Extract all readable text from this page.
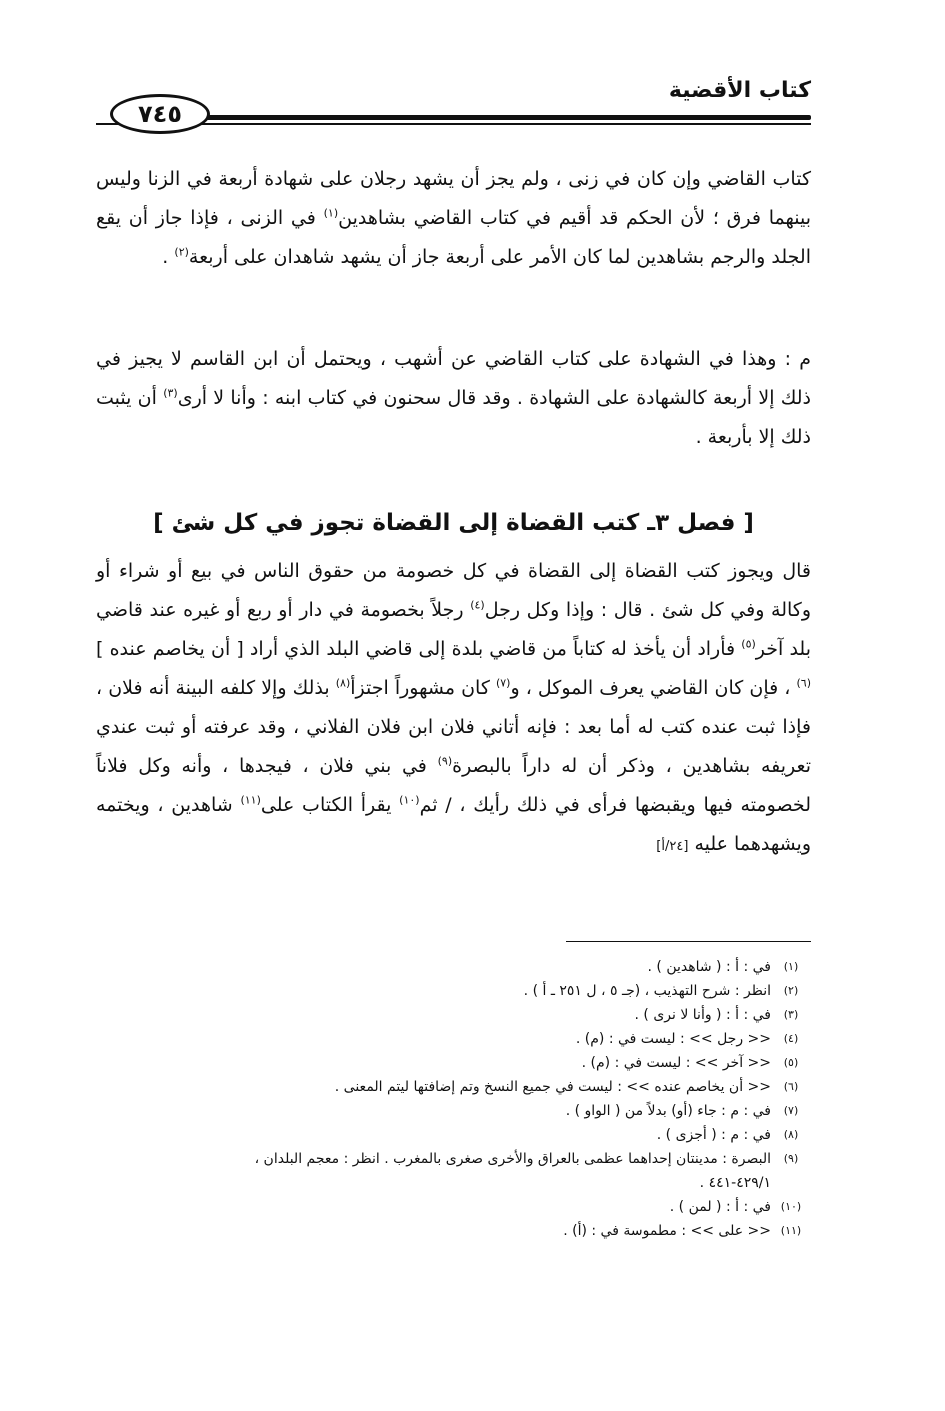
كتاب الأقضية
٧٤٥
كتاب القاضي وإن كان في زنى ، ولم يجز أن يشهد رجلان على شهادة أربعة في الزنا وليس بينهما فرق ؛ لأن الحكم قد أقيم في كتاب القاضي بشاهدين$^{(١)}$ في الزنى ، فإذا جاز أن يقع الجلد والرجم بشاهدين لما كان الأمر على أربعة جاز أن يشهد شاهدان على أربعة$^{(٢)}$ .
م : وهذا في الشهادة على كتاب القاضي عن أشهب ، ويحتمل أن ابن القاسم لا يجيز في ذلك إلا أربعة كالشهادة على الشهادة . وقد قال سحنون في كتاب ابنه : وأنا لا أرى$^{(٣)}$ أن يثبت ذلك إلا بأربعة .
[ فصل ٣ـ كتب القضاة إلى القضاة تجوز في كل شئ ]
قال ويجوز كتب القضاة إلى القضاة في كل خصومة من حقوق الناس في بيع أو شراء أو وكالة وفي كل شئ . قال : وإذا وكل رجل$^{(٤)}$ رجلاً بخصومة في دار أو ربع أو غيره عند قاضي بلد آخر$^{(٥)}$ فأراد أن يأخذ له كتاباً من قاضي بلدة إلى قاضي البلد الذي أراد [ أن يخاصم عنده ]$^{(٦)}$ ، فإن كان القاضي يعرف الموكل ، و$^{(٧)}$ كان مشهوراً اجتزأ$^{(٨)}$ بذلك وإلا كلفه البينة أنه فلان ، فإذا ثبت عنده كتب له أما بعد : فإنه أتاني فلان ابن فلان الفلاني ، وقد عرفته أو ثبت عندي تعريفه بشاهدين ، وذكر أن له داراً بالبصرة$^{(٩)}$ في بني فلان ، فيجدها ، وأنه وكل فلاناً لخصومته فيها ويقبضها فرأى في ذلك رأيك ، / ثم$^{(١٠)}$ يقرأ الكتاب على$^{(١١)}$ شاهدين ، ويختمه ويشهدهما عليه [٢٤/أ]
(١)
في : أ : ( شاهدين ) .
(٢)
انظر : شرح التهذيب ، (جـ ٥ ، ل ٢٥١ ـ أ ) .
(٣)
في : أ : ( وأنا لا نرى ) .
(٤)
<< رجل >> : ليست في : (م) .
(٥)
<< آخر >> : ليست في : (م) .
(٦)
<< أن يخاصم عنده >> : ليست في جميع النسخ وتم إضافتها ليتم المعنى .
(٧)
في : م : جاء (أو) بدلاً من ( الواو ) .
(٨)
في : م : ( أجزى ) .
(٩)
البصرة : مدينتان إحداهما عظمى بالعراق والأخرى صغرى بالمغرب . انظر : معجم البلدان ،
٤٢٩/١-٤٤١ .
(١٠)
في : أ : ( لمن ) .
(١١)
<< على >> : مطموسة في : (أ) .
